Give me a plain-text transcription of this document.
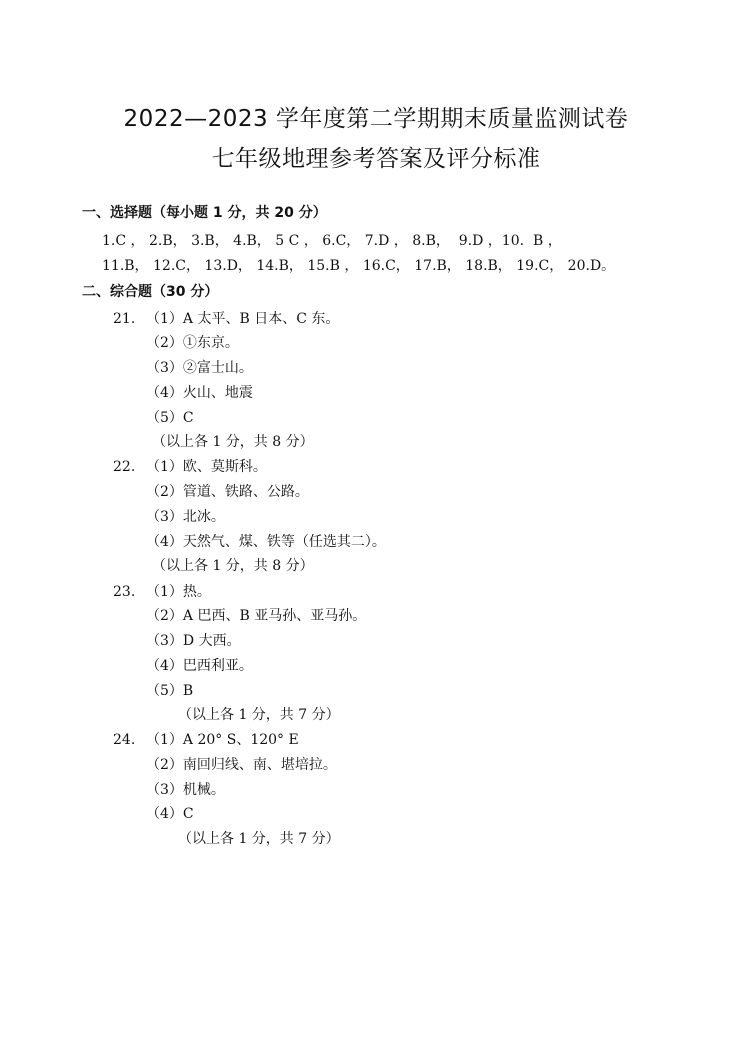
2022—2023 学年度第二学期期末质量监测试卷
七年级地理参考答案及评分标准
一、选择题（每小题 1 分，共 20 分）
1.C ， 2.B， 3.B， 4.B， 5 C ， 6.C， 7.D ， 8.B，  9.D ，10.  B ，
11.B， 12.C， 13.D， 14.B， 15.B ， 16.C， 17.B， 18.B， 19.C， 20.D。
二、综合题（30 分）
21. （1）A 太平、B 日本、C 东。
（2）①东京。
（3）②富士山。
（4）火山、地震
（5）C
（以上各 1 分，共 8 分）
22. （1）欧、莫斯科。
（2）管道、铁路、公路。
（3）北冰。
（4）天然气、煤、铁等（任选其二）。
（以上各 1 分，共 8 分）
23. （1）热。
（2）A 巴西、B 亚马孙、亚马孙。
（3）D 大西。
（4）巴西利亚。
（5）B
（以上各 1 分，共 7 分）
24. （1）A 20° S、120° E
（2）南回归线、南、堪培拉。
（3）机械。
（4）C
（以上各 1 分，共 7 分）
